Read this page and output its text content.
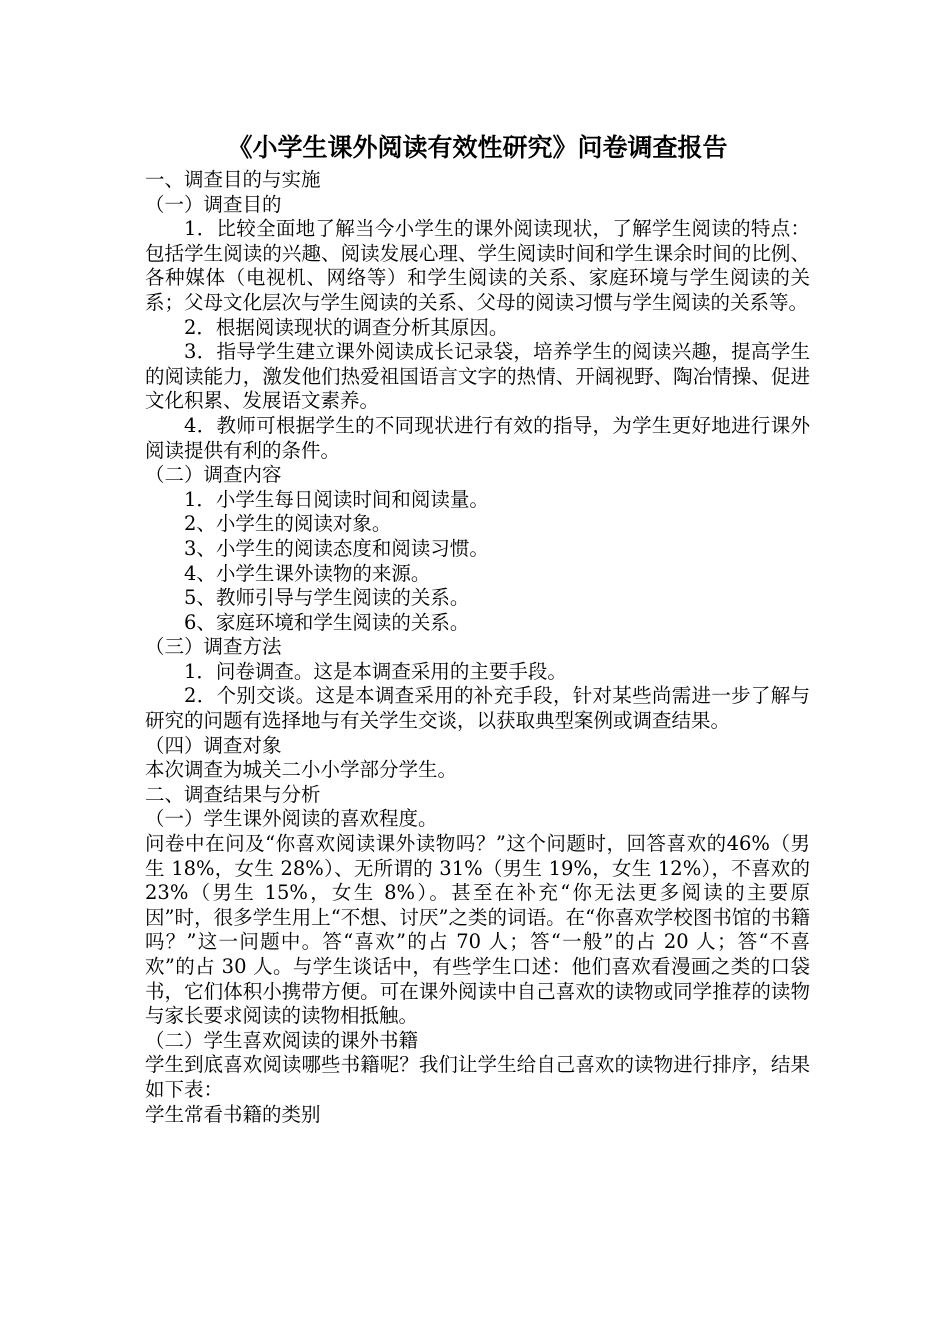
《小学生课外阅读有效性研究》问卷调查报告

一、调查目的与实施

（一）调查目的

1．比较全面地了解当今小学生的课外阅读现状，了解学生阅读的特点：包括学生阅读的兴趣、阅读发展心理、学生阅读时间和学生课余时间的比例、各种媒体（电视机、网络等）和学生阅读的关系、家庭环境与学生阅读的关系；父母文化层次与学生阅读的关系、父母的阅读习惯与学生阅读的关系等。

2．根据阅读现状的调查分析其原因。

3．指导学生建立课外阅读成长记录袋，培养学生的阅读兴趣，提高学生的阅读能力，激发他们热爱祖国语言文字的热情、开阔视野、陶冶情操、促进文化积累、发展语文素养。

4．教师可根据学生的不同现状进行有效的指导，为学生更好地进行课外阅读提供有利的条件。

（二）调查内容

1．小学生每日阅读时间和阅读量。

2、小学生的阅读对象。

3、小学生的阅读态度和阅读习惯。

4、小学生课外读物的来源。

5、教师引导与学生阅读的关系。

6、家庭环境和学生阅读的关系。

（三）调查方法

1．问卷调查。这是本调查采用的主要手段。

2．个别交谈。这是本调查采用的补充手段，针对某些尚需进一步了解与研究的问题有选择地与有关学生交谈，以获取典型案例或调查结果。

（四）调查对象

本次调查为城关二小小学部分学生。

二、调查结果与分析

（一）学生课外阅读的喜欢程度。

问卷中在问及“你喜欢阅读课外读物吗？”这个问题时，回答喜欢的46%（男生 18%，女生 28%）、无所谓的 31%（男生 19%，女生 12%），不喜欢的 23%（男生 15%，女生 8%）。甚至在补充“你无法更多阅读的主要原因”时，很多学生用上“不想、讨厌”之类的词语。在“你喜欢学校图书馆的书籍吗？”这一问题中。答“喜欢”的占 70 人；答“一般”的占 20 人；答“不喜欢”的占 30 人。与学生谈话中，有些学生口述：他们喜欢看漫画之类的口袋书，它们体积小携带方便。可在课外阅读中自己喜欢的读物或同学推荐的读物与家长要求阅读的读物相抵触。

（二）学生喜欢阅读的课外书籍

学生到底喜欢阅读哪些书籍呢？我们让学生给自己喜欢的读物进行排序，结果如下表：

学生常看书籍的类别
